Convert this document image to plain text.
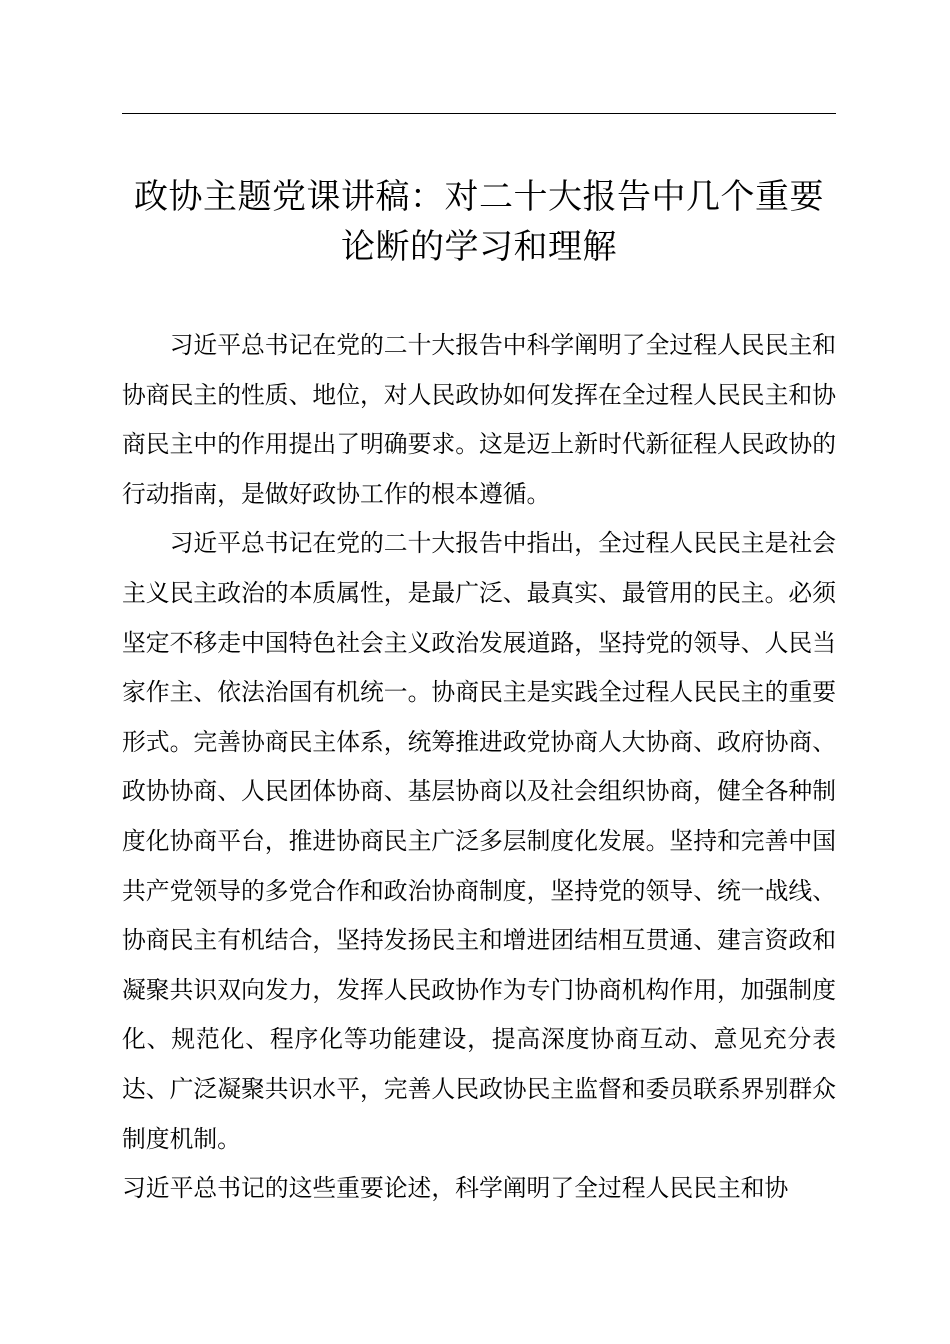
政协主题党课讲稿：对二十大报告中几个重要论断的学习和理解

习近平总书记在党的二十大报告中科学阐明了全过程人民民主和协商民主的性质、地位，对人民政协如何发挥在全过程人民民主和协商民主中的作用提出了明确要求。这是迈上新时代新征程人民政协的行动指南，是做好政协工作的根本遵循。

习近平总书记在党的二十大报告中指出，全过程人民民主是社会主义民主政治的本质属性，是最广泛、最真实、最管用的民主。必须坚定不移走中国特色社会主义政治发展道路，坚持党的领导、人民当家作主、依法治国有机统一。协商民主是实践全过程人民民主的重要形式。完善协商民主体系，统筹推进政党协商人大协商、政府协商、政协协商、人民团体协商、基层协商以及社会组织协商，健全各种制度化协商平台，推进协商民主广泛多层制度化发展。坚持和完善中国共产党领导的多党合作和政治协商制度，坚持党的领导、统一战线、协商民主有机结合，坚持发扬民主和增进团结相互贯通、建言资政和凝聚共识双向发力，发挥人民政协作为专门协商机构作用，加强制度化、规范化、程序化等功能建设，提高深度协商互动、意见充分表达、广泛凝聚共识水平，完善人民政协民主监督和委员联系界别群众制度机制。

习近平总书记的这些重要论述，科学阐明了全过程人民民主和协
